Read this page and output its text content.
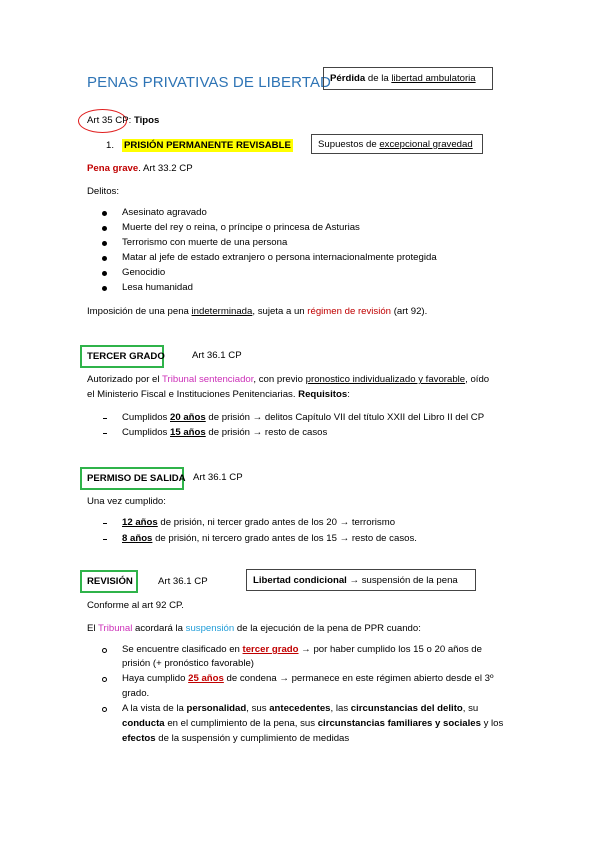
PENAS PRIVATIVAS DE LIBERTAD Pérdida de la libertad ambulatoria
Art 35 CP: Tipos
1. PRISIÓN PERMANENTE REVISABLE	Supuestos de excepcional gravedad
Pena grave. Art 33.2 CP
Delitos:
Asesinato agravado
Muerte del rey o reina, o príncipe o princesa de Asturias
Terrorismo con muerte de una persona
Matar al jefe de estado extranjero o persona internacionalmente protegida
Genocidio
Lesa humanidad
Imposición de una pena indeterminada, sujeta a un régimen de revisión (art 92).
TERCER GRADO	Art 36.1 CP
Autorizado por el Tribunal sentenciador, con previo pronostico individualizado y favorable, oído
el Ministerio Fiscal e Instituciones Penitenciarias. Requisitos:
Cumplidos 20 años de prisión → delitos Capítulo VII del título XXII del Libro II del CP
Cumplidos 15 años de prisión → resto de casos
PERMISO DE SALIDA Art 36.1 CP
Una vez cumplido:
12 años de prisión, ni tercer grado antes de los 20 → terrorismo
8 años de prisión, ni tercero grado antes de los 15 → resto de casos.
REVISIÓN	Art 36.1 CP	Libertad condicional → suspensión de la pena
Conforme al art 92 CP.
El Tribunal acordará la suspensión de la ejecución de la pena de PPR cuando:
Se encuentre clasificado en tercer grado → por haber cumplido los 15 o 20 años de
prisión (+ pronóstico favorable)
Haya cumplido 25 años de condena → permanece en este régimen abierto desde el 3º
grado.
A la vista de la personalidad, sus antecedentes, las circunstancias del delito, su
conducta en el cumplimiento de la pena, sus circunstancias familiares y sociales y los
efectos de la suspensión y cumplimiento de medidas
